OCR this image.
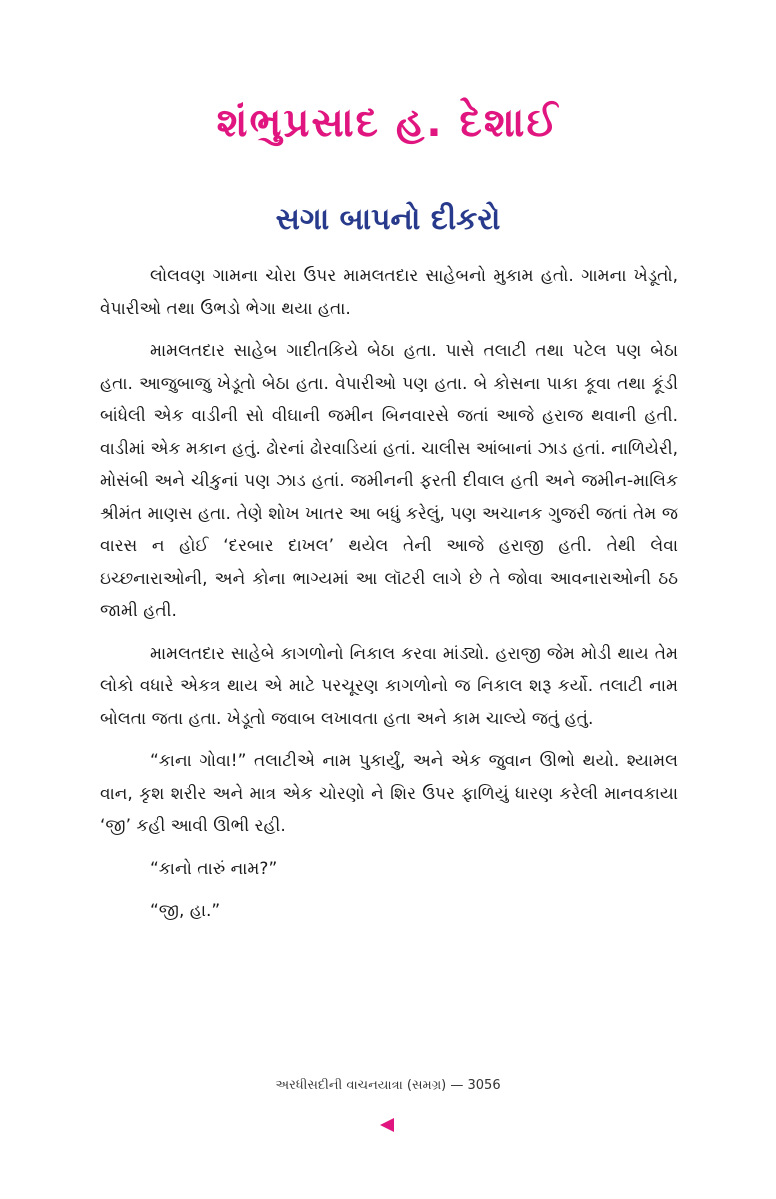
શંભુપ્રસાદ હ. દેશાઈ
સગા બાપનો દીકરો

લોલવણ ગામના ચોરા ઉપર મામલતદાર સાહેબનો મુકામ હતો. ગામના ખેડૂતો, વેપારીઓ તથા ઉભડો ભેગા થયા હતા.

મામલતદાર સાહેબ ગાદીતકિયે બેઠા હતા. પાસે તલાટી તથા પટેલ પણ બેઠા હતા. આજુબાજુ ખેડૂતો બેઠા હતા. વેપારીઓ પણ હતા. બે કોસના પાકા કૂવા તથા કૂંડી બાંધેલી એક વાડીની સો વીઘાની જમીન બિનવારસે જતાં આજે હરાજ થવાની હતી. વાડીમાં એક મકાન હતું. ઢોરનાં ઢોરવાડિયાં હતાં. ચાલીસ આંબાનાં ઝાડ હતાં. નાળિયેરી, મોસંબી અને ચીકુનાં પણ ઝાડ હતાં. જમીનની ફરતી દીવાલ હતી અને જમીન-માલિક શ્રીમંત માણસ હતા. તેણે શોખ ખાતર આ બધું કરેલું, પણ અચાનક ગુજરી જતાં તેમ જ વારસ ન હોઈ ‘દરબાર દાખલ’ થયેલ તેની આજે હરાજી હતી. તેથી લેવા ઇચ્છનારાઓની, અને કોના ભાગ્યમાં આ લૉટરી લાગે છે તે જોવા આવનારાઓની ઠઠ જામી હતી.

મામલતદાર સાહેબે કાગળોનો નિકાલ કરવા માંડ્યો. હરાજી જેમ મોડી થાય તેમ લોકો વધારે એકત્ર થાય એ માટે પરચૂરણ કાગળોનો જ નિકાલ શરૂ કર્યો. તલાટી નામ બોલતા જતા હતા. ખેડૂતો જવાબ લખાવતા હતા અને કામ ચાલ્યે જતું હતું.

“કાના ગોવા!” તલાટીએ નામ પુકાર્યું, અને એક જુવાન ઊભો થયો. શ્યામલ વાન, કૃશ શરીર અને માત્ર એક ચોરણો ને શિર ઉપર ફાળિયું ધારણ કરેલી માનવકાયા ‘જી’ કહી આવી ઊભી રહી.

“કાનો તારું નામ?”

“જી, હા.”

અરધીસદીની વાચનયાત્રા (સમગ્ર) — 3056
